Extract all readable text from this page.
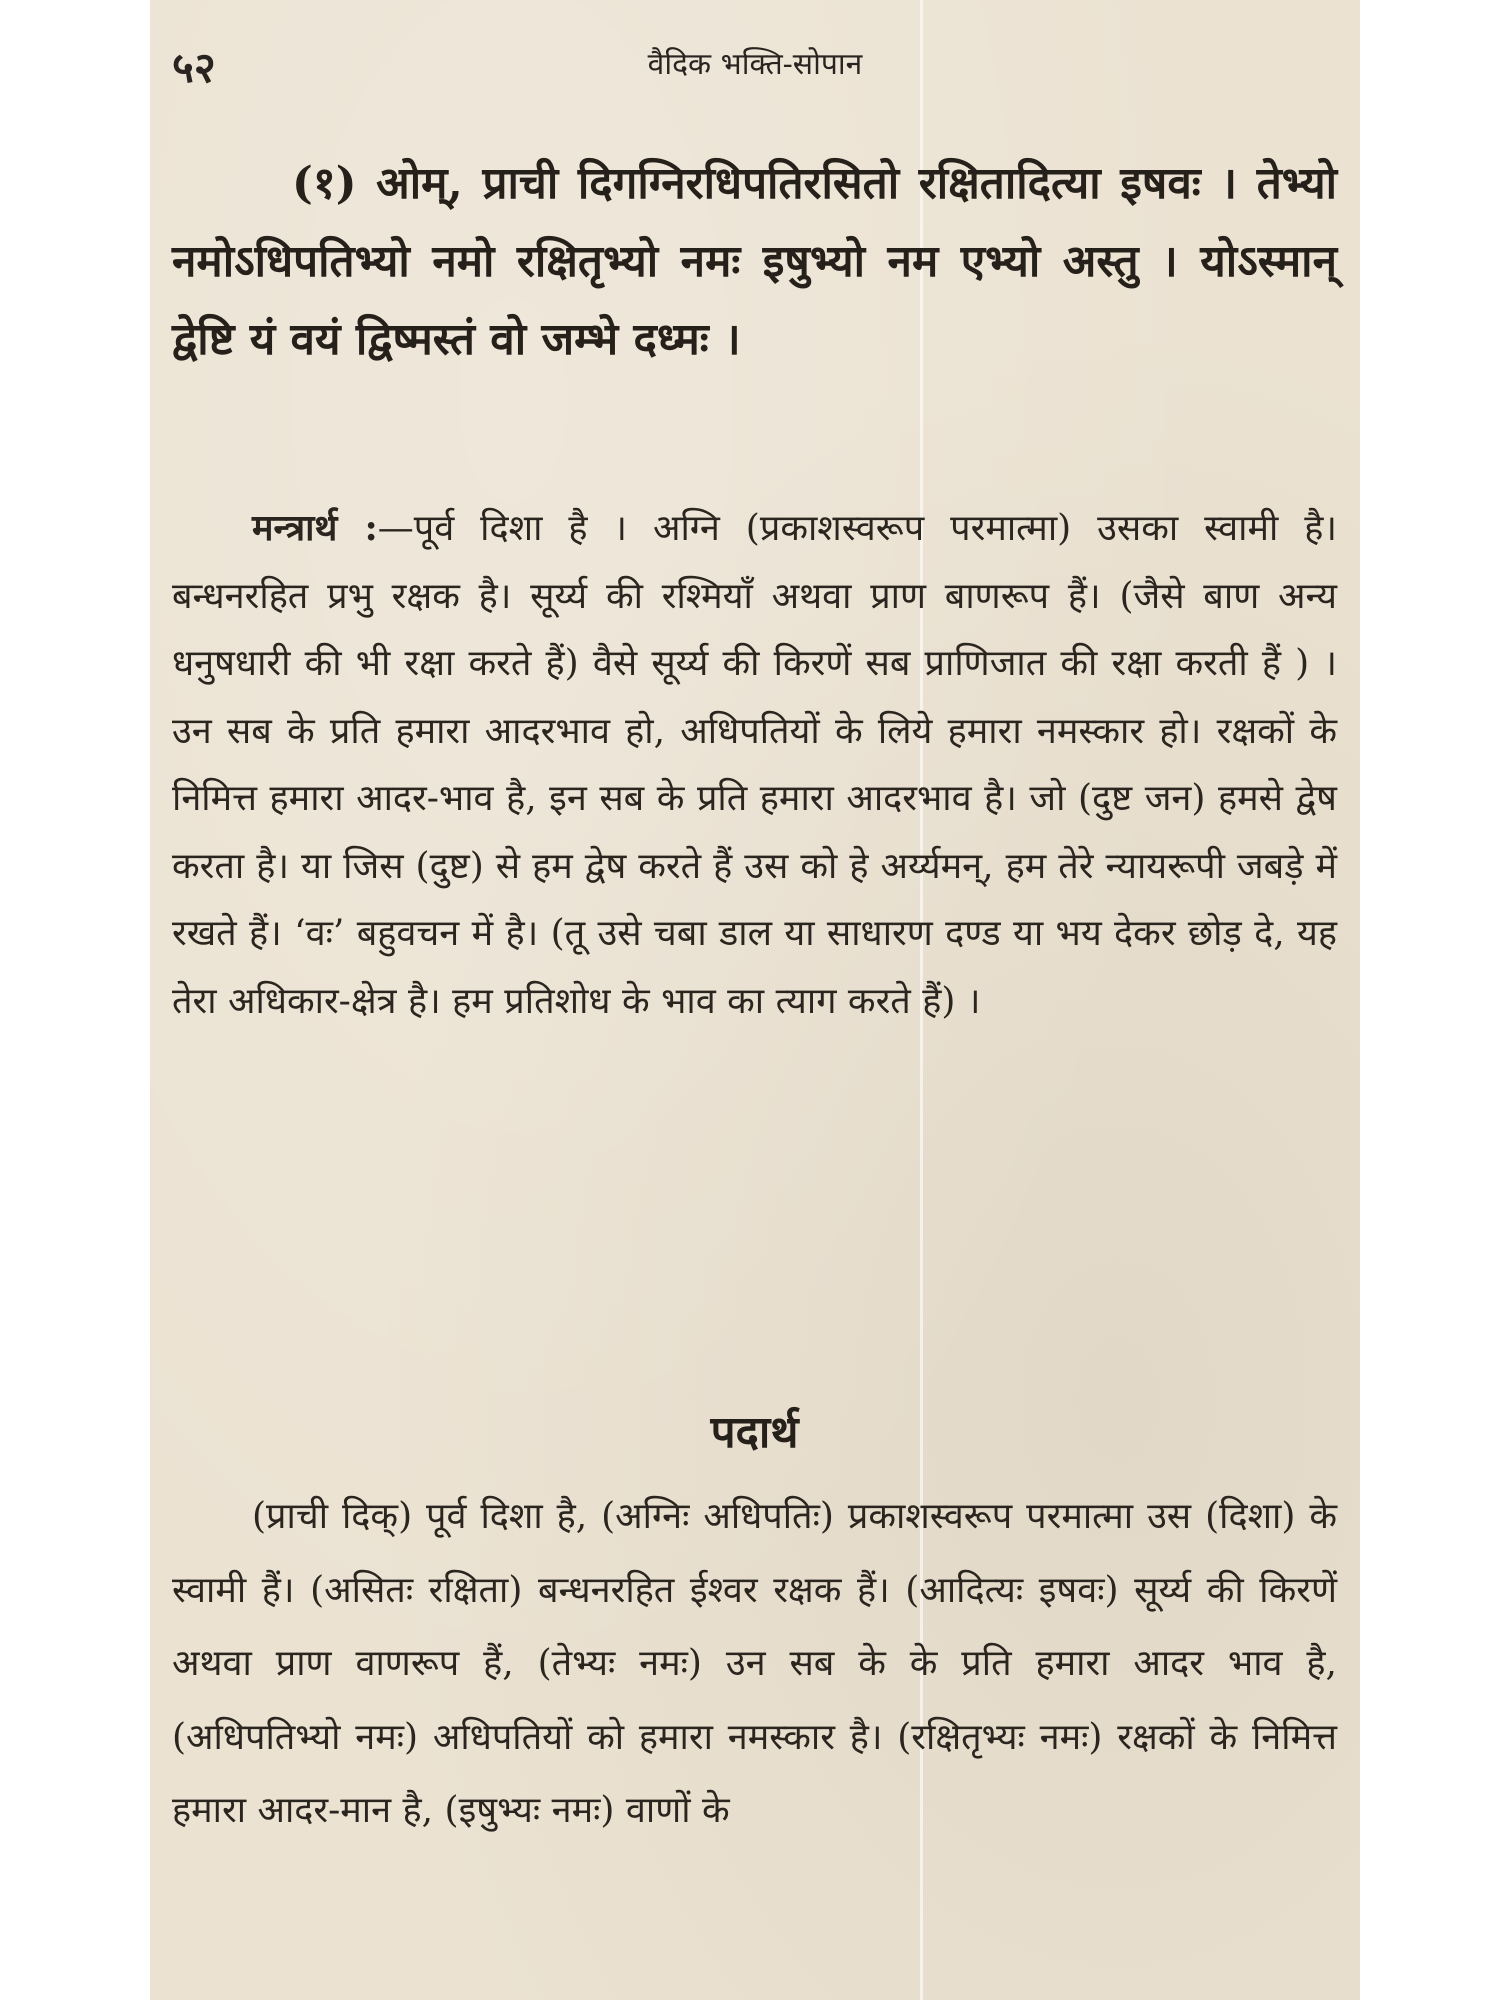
५२	वैदिक भक्ति-सोपान
(१) ओम्, प्राची दिगग्निरधिपतिरसितो रक्षितादित्या इषवः । तेभ्यो नमोऽधिपतिभ्यो नमो रक्षितृभ्यो नमः इषुभ्यो नम एभ्यो अस्तु । योऽस्मान् द्वेष्टि यं वयं द्विष्मस्तं वो जम्भे दध्मः ।
मन्त्रार्थ :—पूर्व दिशा है । अग्नि (प्रकाशस्वरूप परमात्मा) उसका स्वामी है। बन्धनरहित प्रभु रक्षक है। सूर्य्य की रश्मियाँ अथवा प्राण बाणरूप हैं। (जैसे बाण अन्य धनुषधारी की भी रक्षा करते हैं) वैसे सूर्य्य की किरणें सब प्राणिजात की रक्षा करती हैं ) । उन सब के प्रति हमारा आदरभाव हो, अधिपतियों के लिये हमारा नमस्कार हो। रक्षकों के निमित्त हमारा आदर-भाव है, इन सब के प्रति हमारा आदरभाव है। जो (दुष्ट जन) हमसे द्वेष करता है। या जिस (दुष्ट) से हम द्वेष करते हैं उस को हे अर्य्यमन्, हम तेरे न्यायरूपी जबड़े में रखते हैं। ‘वः’ बहुवचन में है। (तू उसे चबा डाल या साधारण दण्ड या भय देकर छोड़ दे, यह तेरा अधिकार-क्षेत्र है। हम प्रतिशोध के भाव का त्याग करते हैं) ।
पदार्थ
(प्राची दिक्) पूर्व दिशा है, (अग्निः अधिपतिः) प्रकाशस्वरूप परमात्मा उस (दिशा) के स्वामी हैं। (असितः रक्षिता) बन्धनरहित ईश्वर रक्षक हैं। (आदित्यः इषवः) सूर्य्य की किरणें अथवा प्राण वाणरूप हैं, (तेभ्यः नमः) उन सब के के प्रति हमारा आदर भाव है, (अधिपतिभ्यो नमः) अधिपतियों को हमारा नमस्कार है। (रक्षितृभ्यः नमः) रक्षकों के निमित्त हमारा आदर-मान है, (इषुभ्यः नमः) वाणों के
